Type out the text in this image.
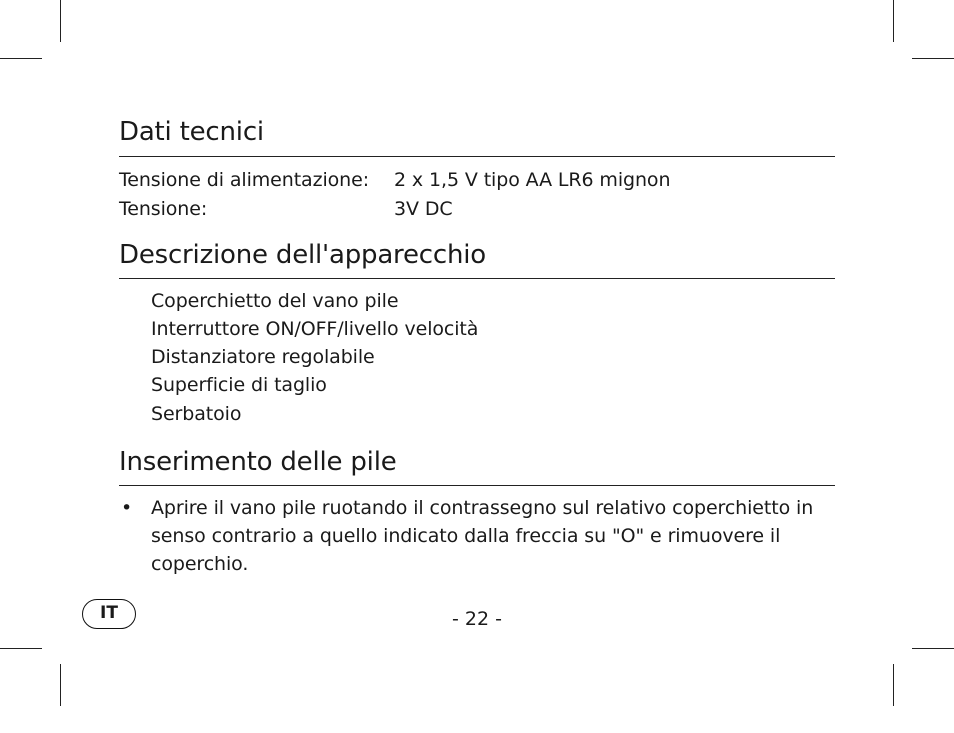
Dati tecnici
Tensione di alimentazione: 2 x 1,5 V tipo AA LR6 mignon
Tensione:	3V DC
Descrizione dell'apparecchio
Coperchietto del vano pile
Interruttore ON/OFF/livello velocità
Distanziatore regolabile
Superficie di taglio
Serbatoio
Inserimento delle pile
• Aprire il vano pile ruotando il contrassegno sul relativo coperchietto in senso contrario a quello indicato dalla freccia su "O" e rimuovere il coperchio.

IT	- 22 -
